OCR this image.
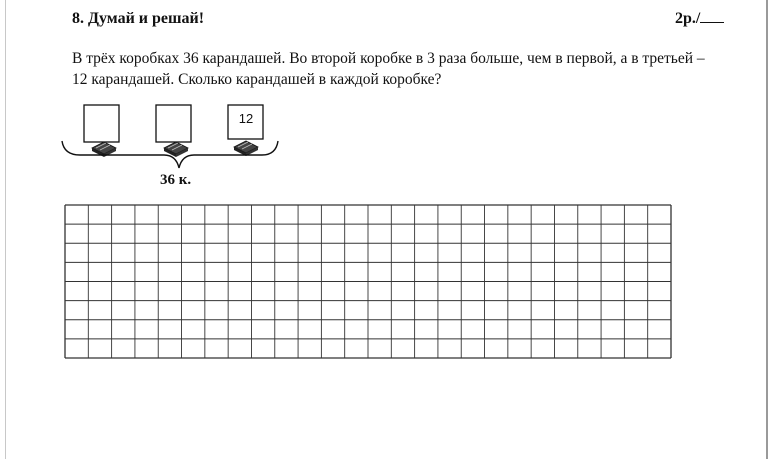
8. Думай и решай!	2р./
В трёх коробках 36 карандашей. Во второй коробке в 3 раза больше, чем в первой, а в третьей –
12 карандашей. Сколько карандашей в каждой коробке?
12
36 к.
